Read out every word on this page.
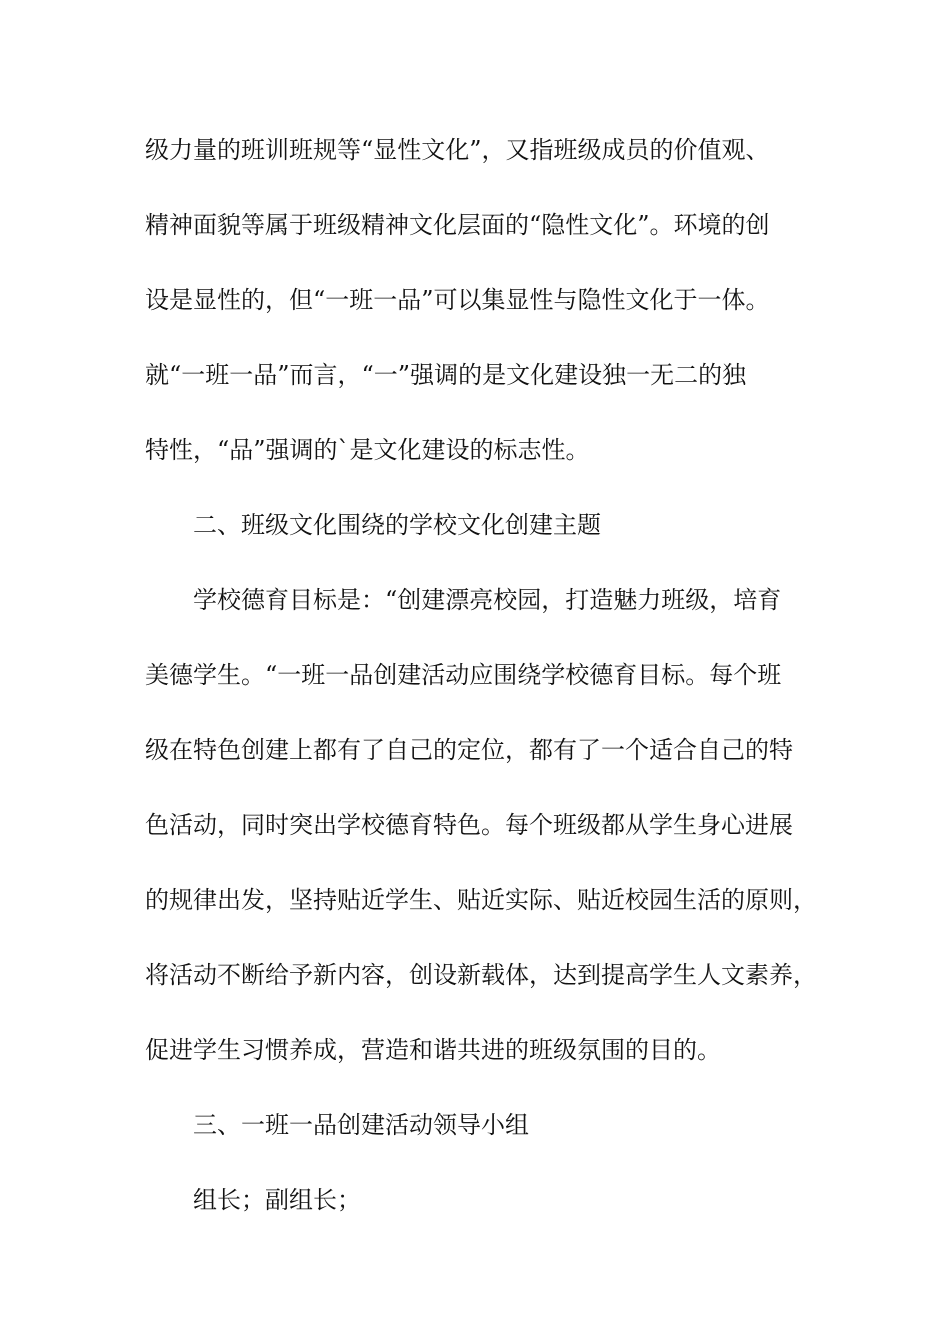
级力量的班训班规等“显性文化”，又指班级成员的价值观、
精神面貌等属于班级精神文化层面的“隐性文化”。环境的创
设是显性的，但“一班一品”可以集显性与隐性文化于一体。
就“一班一品”而言，“一”强调的是文化建设独一无二的独
特性，“品”强调的`是文化建设的标志性。
二、班级文化围绕的学校文化创建主题
学校德育目标是：“创建漂亮校园，打造魅力班级，培育
美德学生。“一班一品创建活动应围绕学校德育目标。每个班
级在特色创建上都有了自己的定位，都有了一个适合自己的特
色活动，同时突出学校德育特色。每个班级都从学生身心进展
的规律出发，坚持贴近学生、贴近实际、贴近校园生活的原则，
将活动不断给予新内容，创设新载体，达到提高学生人文素养，
促进学生习惯养成，营造和谐共进的班级氛围的目的。
三、一班一品创建活动领导小组
组长；副组长；
